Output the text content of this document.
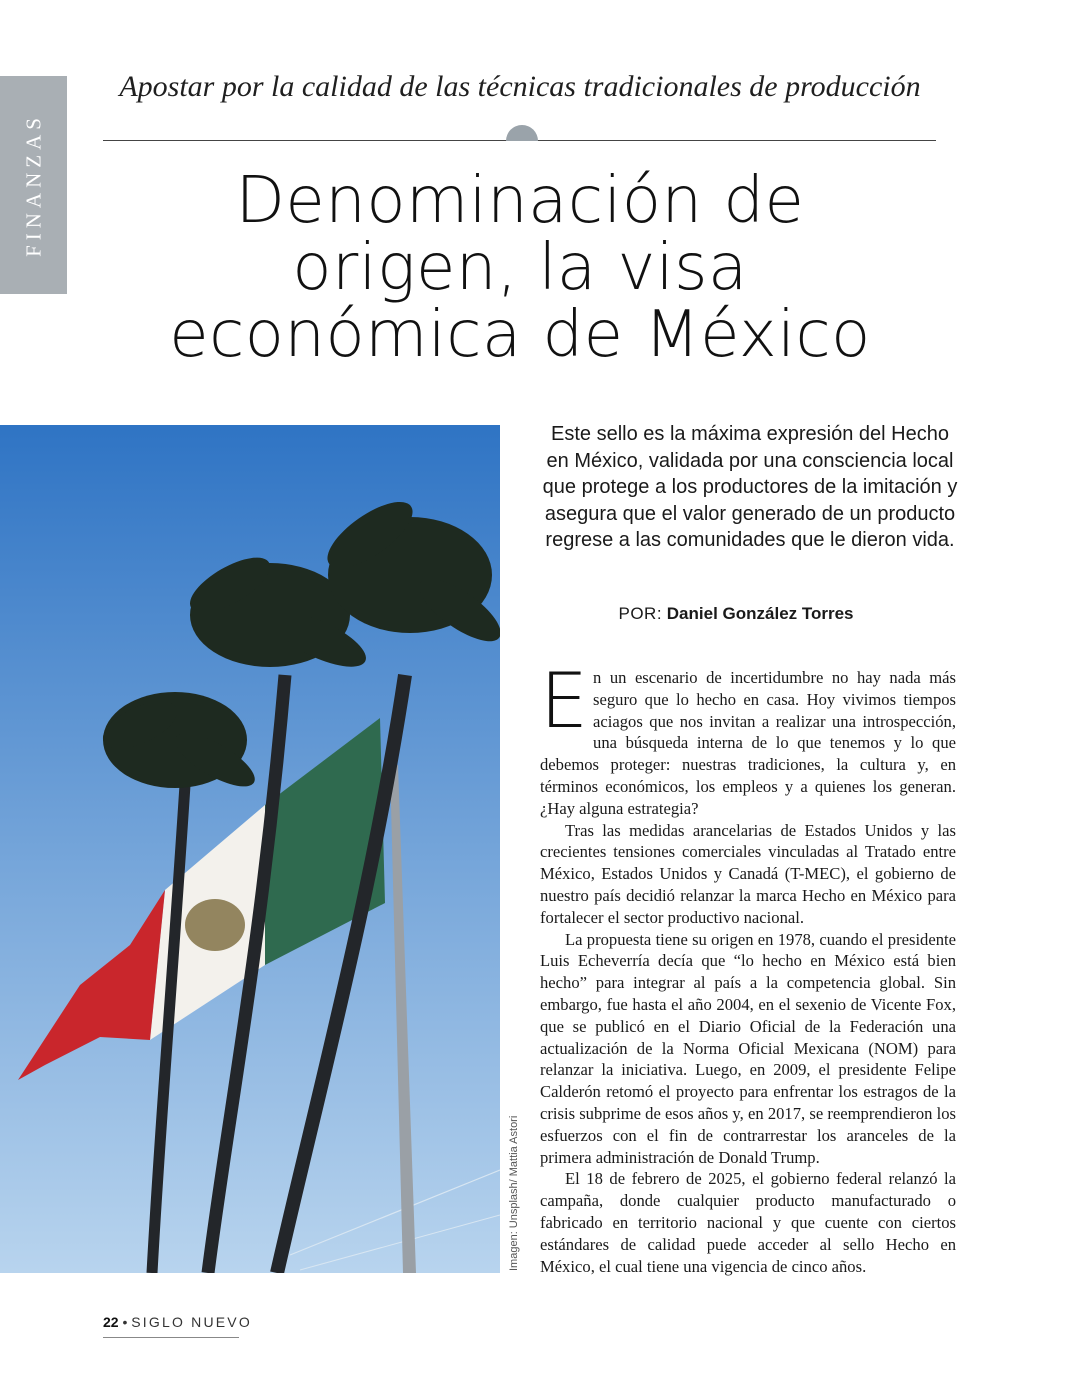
FINANZAS
Apostar por la calidad de las técnicas tradicionales de producción
Denominación de
origen, la visa
económica de México
Imagen: Unsplash/ Mattia Astori

Este sello es la máxima expresión del Hecho en México, validada por una consciencia local que protege a los productores de la imitación y asegura que el valor generado de un producto regrese a las comunidades que le dieron vida.

POR: Daniel González Torres

En un escenario de incertidumbre no hay nada más seguro que lo hecho en casa. Hoy vivimos tiempos aciagos que nos invitan a realizar una introspección, una búsqueda interna de lo que tenemos y lo que debemos proteger: nuestras tradiciones, la cultura y, en términos económicos, los empleos y a quienes los generan. ¿Hay alguna estrategia?

Tras las medidas arancelarias de Estados Unidos y las crecientes tensiones comerciales vinculadas al Tratado entre México, Estados Unidos y Canadá (T-MEC), el gobierno de nuestro país decidió relanzar la marca Hecho en México para fortalecer el sector productivo nacional.

La propuesta tiene su origen en 1978, cuando el presidente Luis Echeverría decía que “lo hecho en México está bien hecho” para integrar al país a la competencia global. Sin embargo, fue hasta el año 2004, en el sexenio de Vicente Fox, que se publicó en el Diario Oficial de la Federación una actualización de la Norma Oficial Mexicana (NOM) para relanzar la iniciativa. Luego, en 2009, el presidente Felipe Calderón retomó el proyecto para enfrentar los estragos de la crisis subprime de esos años y, en 2017, se reemprendieron los esfuerzos con el fin de contrarrestar los aranceles de la primera administración de Donald Trump.

El 18 de febrero de 2025, el gobierno federal relanzó la campaña, donde cualquier producto manufacturado o fabricado en territorio nacional y que cuente con ciertos estándares de calidad puede acceder al sello Hecho en México, el cual tiene una vigencia de cinco años.

22 • SIGLO NUEVO
